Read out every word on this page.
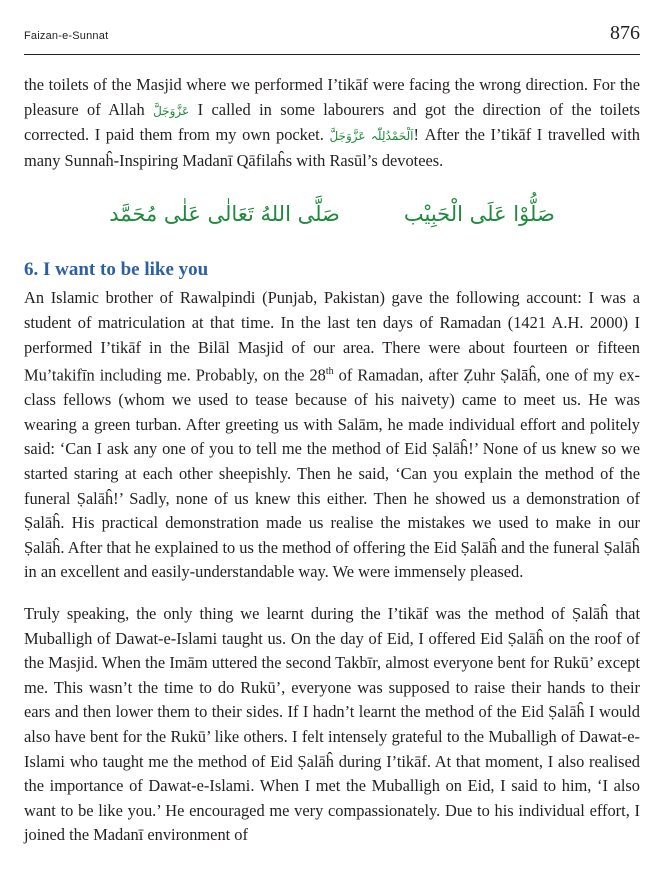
Faizan-e-Sunnat	876

the toilets of the Masjid where we performed I’tikāf were facing the wrong direction. For the pleasure of Allah عَزَّوَجَلَّ I called in some labourers and got the direction of the toilets corrected. I paid them from my own pocket. اَلْحَمْدُلِلّٰہ عَزَّوَجَلَّ! After the I’tikāf I travelled with many Sunnaĥ-Inspiring Madanī Qāfilaĥs with Rasūl’s devotees.

صَلُّوْا عَلَى الْحَبِيْب
صَلَّى اللهُ تَعَالٰى عَلٰى مُحَمَّد
6. I want to be like you

An Islamic brother of Rawalpindi (Punjab, Pakistan) gave the following account: I was a student of matriculation at that time. In the last ten days of Ramadan (1421 A.H. 2000) I performed I’tikāf in the Bilāl Masjid of our area. There were about fourteen or fifteen Mu’takifīn including me. Probably, on the 28th of Ramadan, after Ẓuhr Ṣalāĥ, one of my ex-class fellows (whom we used to tease because of his naivety) came to meet us. He was wearing a green turban. After greeting us with Salām, he made individual effort and politely said: ‘Can I ask any one of you to tell me the method of Eid Ṣalāĥ!’ None of us knew so we started staring at each other sheepishly. Then he said, ‘Can you explain the method of the funeral Ṣalāĥ!’ Sadly, none of us knew this either. Then he showed us a demonstration of Ṣalāĥ. His practical demonstration made us realise the mistakes we used to make in our Ṣalāĥ. After that he explained to us the method of offering the Eid Ṣalāĥ and the funeral Ṣalāĥ in an excellent and easily-understandable way. We were immensely pleased.

Truly speaking, the only thing we learnt during the I’tikāf was the method of Ṣalāĥ that Muballigh of Dawat-e-Islami taught us. On the day of Eid, I offered Eid Ṣalāĥ on the roof of the Masjid. When the Imām uttered the second Takbīr, almost everyone bent for Rukū’ except me. This wasn’t the time to do Rukū’, everyone was supposed to raise their hands to their ears and then lower them to their sides. If I hadn’t learnt the method of the Eid Ṣalāĥ I would also have bent for the Rukū’ like others. I felt intensely grateful to the Muballigh of Dawat-e-Islami who taught me the method of Eid Ṣalāĥ during I’tikāf. At that moment, I also realised the importance of Dawat-e-Islami. When I met the Muballigh on Eid, I said to him, ‘I also want to be like you.’ He encouraged me very compassionately. Due to his individual effort, I joined the Madanī environment of
